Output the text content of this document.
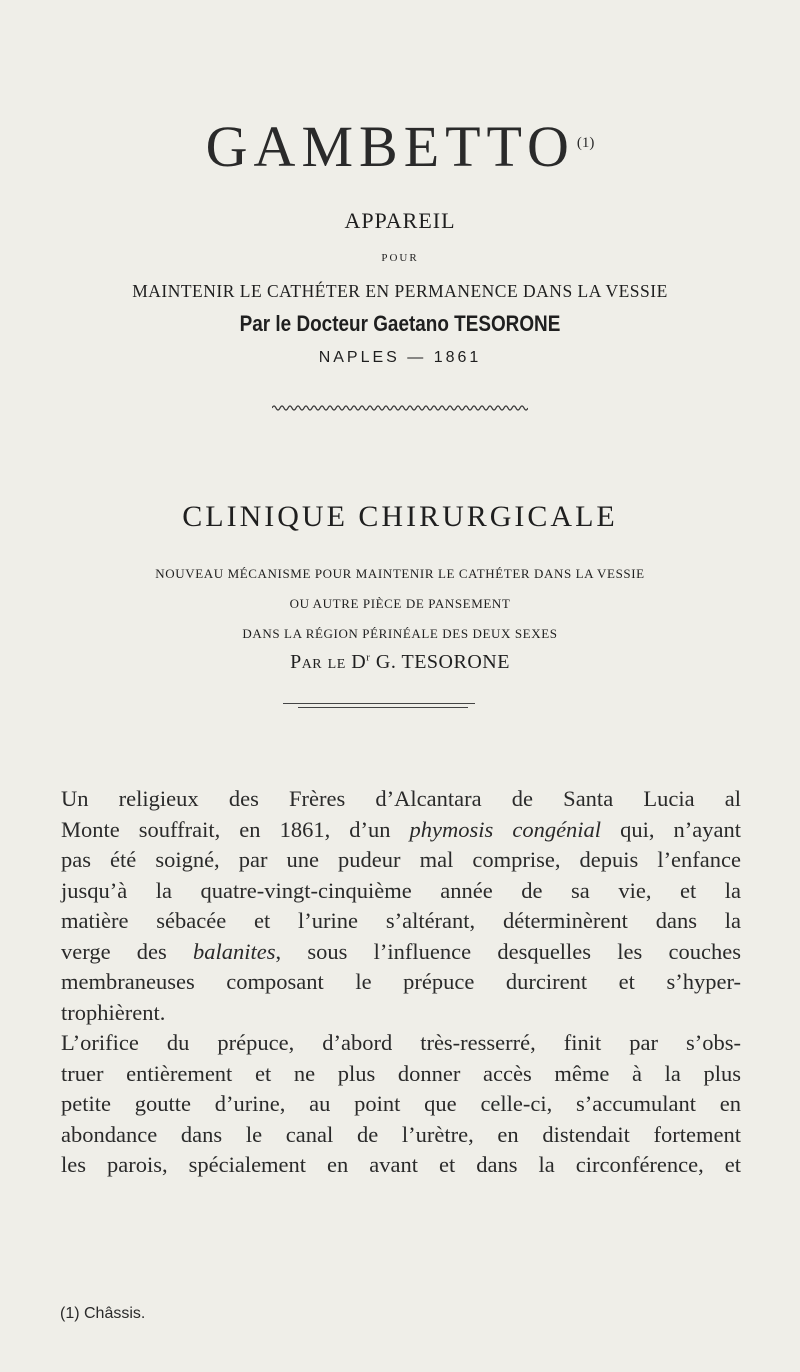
GAMBETTO $^{(1)}$
APPAREIL
POUR
MAINTENIR LE CATHÉTER EN PERMANENCE DANS LA VESSIE
Par le Docteur Gaetano TESORONE
NAPLES — 1861
CLINIQUE CHIRURGICALE
NOUVEAU MÉCANISME POUR MAINTENIR LE CATHÉTER DANS LA VESSIE
OU AUTRE PIÈCE DE PANSEMENT
DANS LA RÉGION PÉRINÉALE DES DEUX SEXES
Par le $D^r$ G. TESORONE
Un religieux des Frères d’Alcantara de Santa Lucia al
Monte souffrait, en 1861, d’un phymosis congénial qui, n’ayant
pas été soigné, par une pudeur mal comprise, depuis l’enfance
jusqu’à la quatre-vingt-cinquième année de sa vie, et la
matière sébacée et l’urine s’altérant, déterminèrent dans la
verge des balanites, sous l’influence desquelles les couches
membraneuses composant le prépuce durcirent et s’hyper-
trophièrent.
L’orifice du prépuce, d’abord très-resserré, finit par s’obs-
truer entièrement et ne plus donner accès même à la plus
petite goutte d’urine, au point que celle-ci, s’accumulant en
abondance dans le canal de l’urètre, en distendait fortement
les parois, spécialement en avant et dans la circonférence, et
(1) Châssis.
